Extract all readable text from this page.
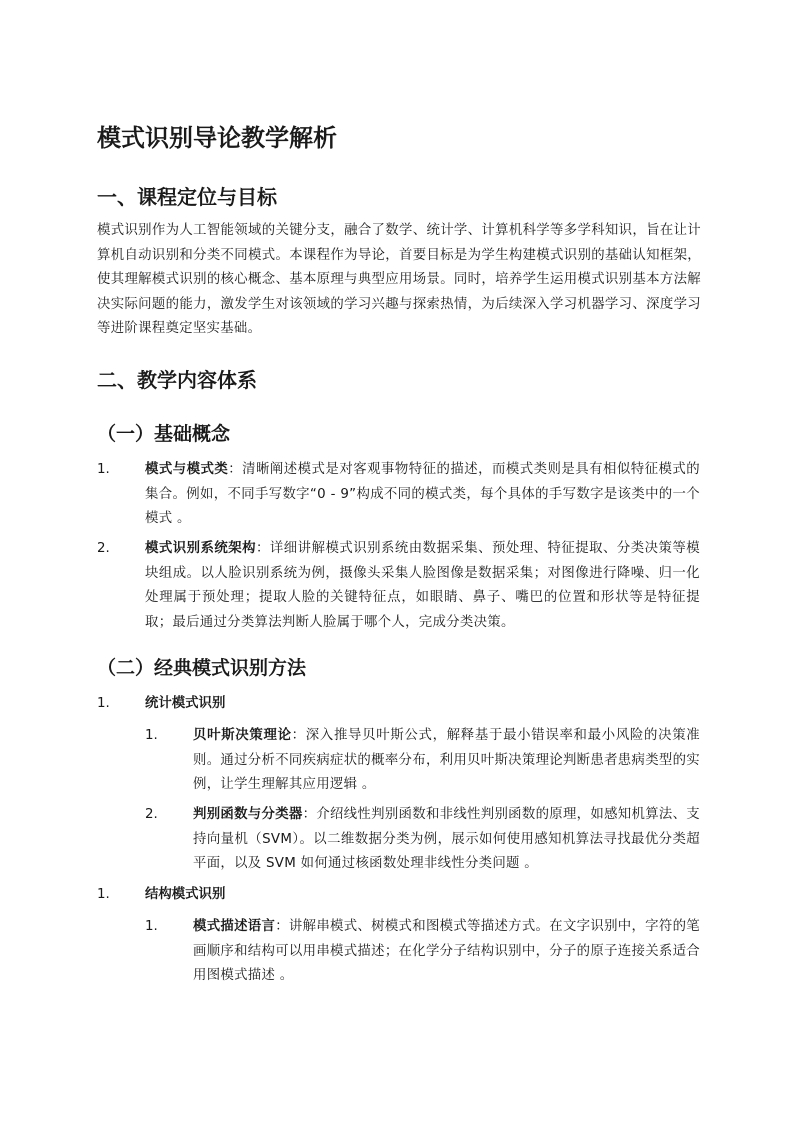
模式识别导论教学解析
一、课程定位与目标

模式识别作为人工智能领域的关键分支，融合了数学、统计学、计算机科学等多学科知识，旨在让计算机自动识别和分类不同模式。本课程作为导论，首要目标是为学生构建模式识别的基础认知框架，使其理解模式识别的核心概念、基本原理与典型应用场景。同时，培养学生运用模式识别基本方法解决实际问题的能力，激发学生对该领域的学习兴趣与探索热情，为后续深入学习机器学习、深度学习等进阶课程奠定坚实基础。

二、教学内容体系
（一）基础概念
1.	模式与模式类：清晰阐述模式是对客观事物特征的描述，而模式类则是具有相似特征模式的集合。例如，不同手写数字“0 - 9”构成不同的模式类，每个具体的手写数字是该类中的一个模式 。

2.	模式识别系统架构：详细讲解模式识别系统由数据采集、预处理、特征提取、分类决策等模块组成。以人脸识别系统为例，摄像头采集人脸图像是数据采集；对图像进行降噪、归一化处理属于预处理；提取人脸的关键特征点，如眼睛、鼻子、嘴巴的位置和形状等是特征提取；最后通过分类算法判断人脸属于哪个人，完成分类决策。

（二）经典模式识别方法
1.	统计模式识别
1.	贝叶斯决策理论：深入推导贝叶斯公式，解释基于最小错误率和最小风险的决策准则。通过分析不同疾病症状的概率分布，利用贝叶斯决策理论判断患者患病类型的实例，让学生理解其应用逻辑 。

2.	判别函数与分类器：介绍线性判别函数和非线性判别函数的原理，如感知机算法、支持向量机（SVM）。以二维数据分类为例，展示如何使用感知机算法寻找最优分类超平面，以及 SVM 如何通过核函数处理非线性分类问题 。

1.	结构模式识别
1.	模式描述语言：讲解串模式、树模式和图模式等描述方式。在文字识别中，字符的笔画顺序和结构可以用串模式描述；在化学分子结构识别中，分子的原子连接关系适合用图模式描述 。
